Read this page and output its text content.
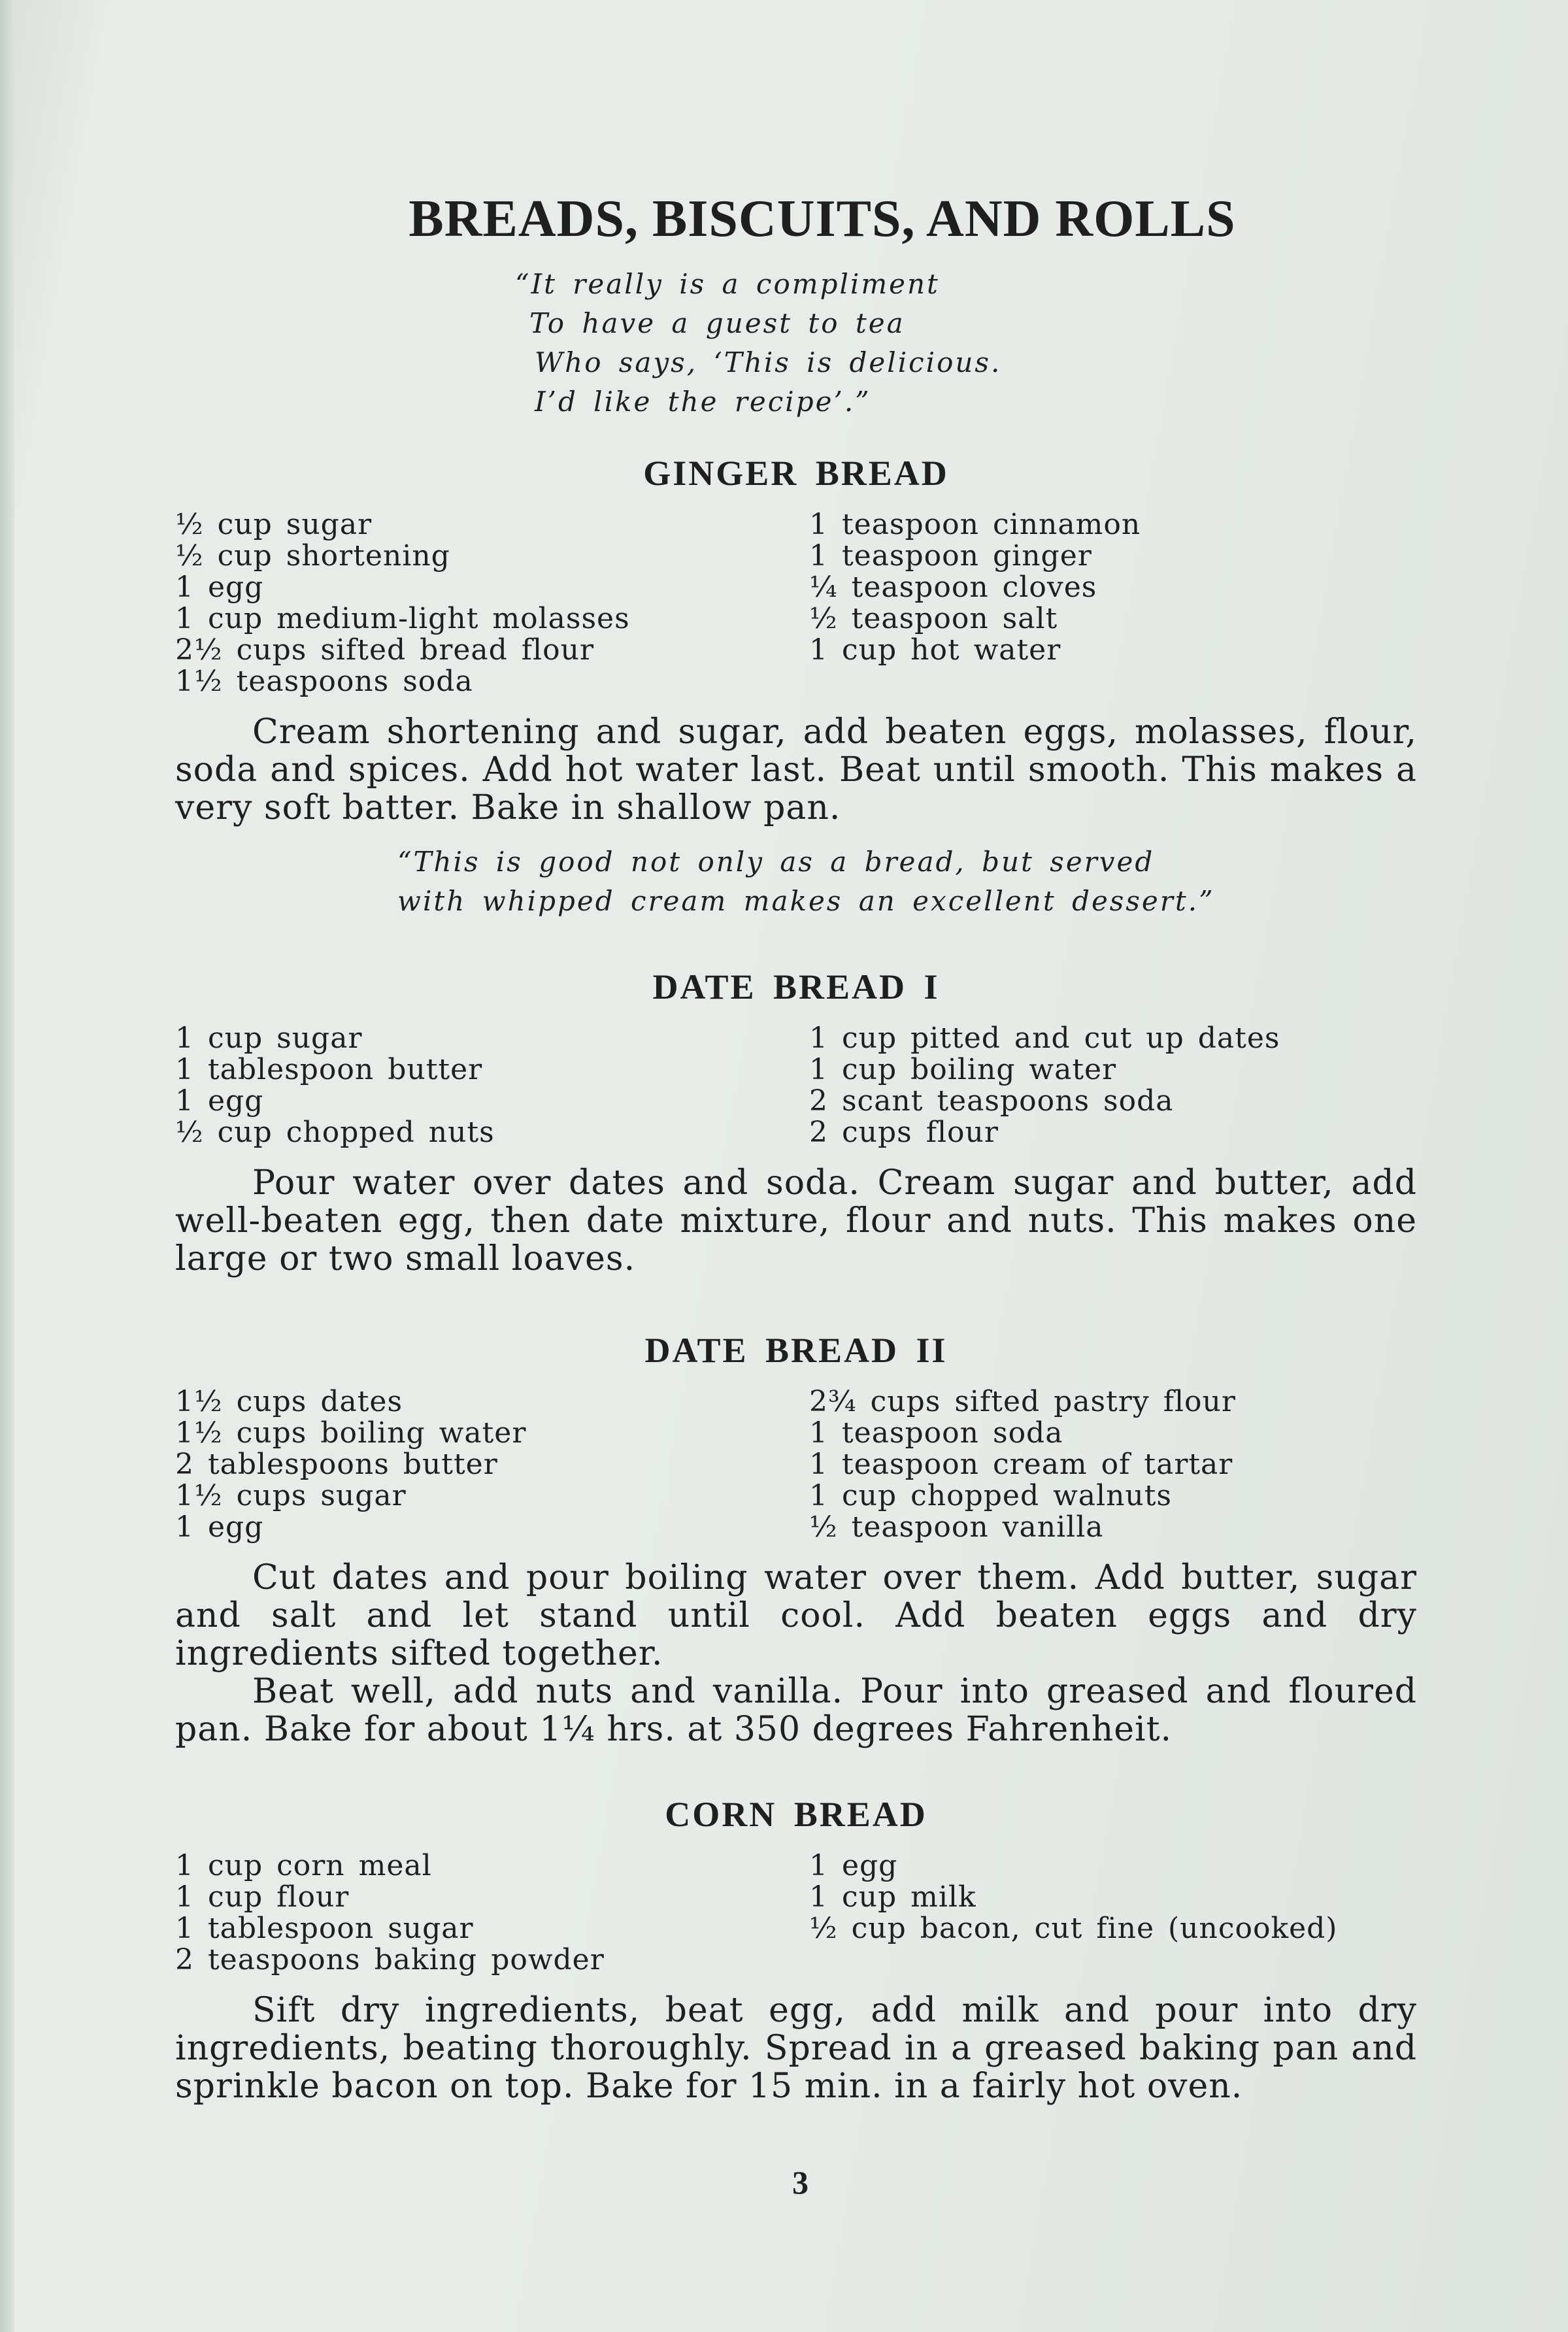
BREADS, BISCUITS, AND ROLLS
“It really is a compliment
To have a guest to tea
Who says, ‘This is delicious.
I’d like the recipe’.”
GINGER BREAD
½ cup sugar
½ cup shortening
1 egg
1 cup medium-light molasses
2½ cups sifted bread flour
1½ teaspoons soda
1 teaspoon cinnamon
1 teaspoon ginger
¼ teaspoon cloves
½ teaspoon salt
1 cup hot water

Cream shortening and sugar, add beaten eggs, molasses, flour, soda and spices. Add hot water last. Beat until smooth. This makes a very soft batter. Bake in shallow pan.

“This is good not only as a bread, but served
with whipped cream makes an excellent dessert.”
DATE BREAD I
1 cup sugar
1 tablespoon butter
1 egg
½ cup chopped nuts
1 cup pitted and cut up dates
1 cup boiling water
2 scant teaspoons soda
2 cups flour

Pour water over dates and soda. Cream sugar and butter, add well-beaten egg, then date mixture, flour and nuts. This makes one large or two small loaves.

DATE BREAD II
1½ cups dates
1½ cups boiling water
2 tablespoons butter
1½ cups sugar
1 egg
2¾ cups sifted pastry flour
1 teaspoon soda
1 teaspoon cream of tartar
1 cup chopped walnuts
½ teaspoon vanilla

Cut dates and pour boiling water over them. Add butter, sugar and salt and let stand until cool. Add beaten eggs and dry ingredients sifted together.

Beat well, add nuts and vanilla. Pour into greased and floured pan. Bake for about 1¼ hrs. at 350 degrees Fahrenheit.

CORN BREAD
1 cup corn meal
1 cup flour
1 tablespoon sugar
2 teaspoons baking powder
1 egg
1 cup milk
½ cup bacon, cut fine (uncooked)

Sift dry ingredients, beat egg, add milk and pour into dry ingredients, beating thoroughly. Spread in a greased baking pan and sprinkle bacon on top. Bake for 15 min. in a fairly hot oven.

3
